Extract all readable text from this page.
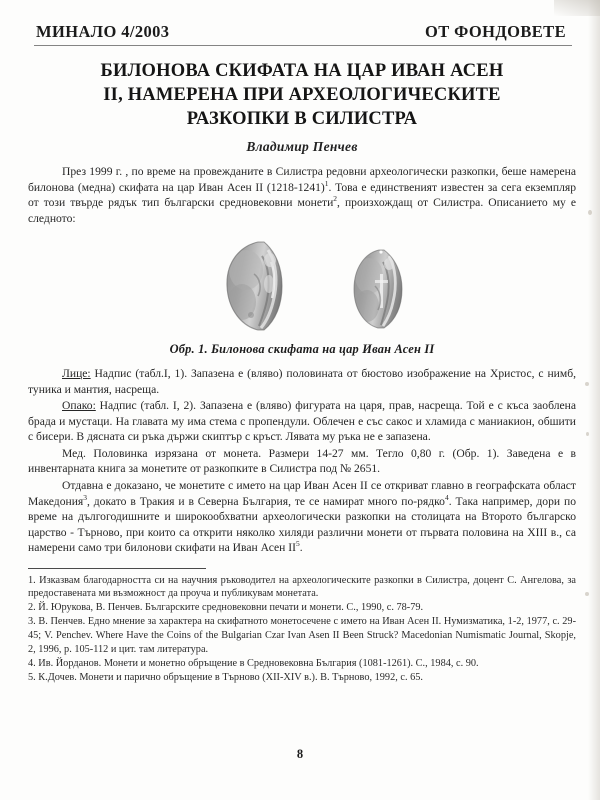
МИНАЛО 4/2003	ОТ ФОНДОВЕТЕ
БИЛОНОВА СКИФАТА НА ЦАР ИВАН АСЕН
II, НАМЕРЕНА ПРИ АРХЕОЛОГИЧЕСКИТЕ
РАЗКОПКИ В СИЛИСТРА
Владимир Пенчев

През 1999 г. , по време на провежданите в Силистра редовни археологически разкопки, беше намерена билонова (медна) скифата на цар Иван Асен II (1218-1241)$^1$. Това е единственият известен за сега екземпляр от този твърде рядък тип български средновековни монети$^2$, произхождащ от Силистра. Описанието му е следното:

Обр. 1. Билонова скифата на цар Иван Асен II

Лице: Надпис (табл.I, 1). Запазена е (вляво) половината от бюстово изображение на Христос, с нимб, туника и мантия, насреща.

Опако: Надпис (табл. I, 2). Запазена е (вляво) фигурата на царя, прав, насреща. Той е с къса заоблена брада и мустаци. На главата му има стема с пропендули. Облечен е със сакос и хламида с маниакион, обшити с бисери. В дясната си ръка държи скиптър с кръст. Лявата му ръка не е запазена.

Мед. Половинка изрязана от монета. Размери 14-27 мм. Тегло 0,80 г. (Обр. 1). Заведена е в инвентарната книга за монетите от разкопките в Силистра под № 2651.

Отдавна е доказано, че монетите с името на цар Иван Асен II се откриват главно в географската област Македония$^3$, докато в Тракия и в Северна България, те се намират много по-рядко$^4$. Така например, дори по време на дългогодишните и широкообхватни археологически разкопки на столицата на Второто българско царство - Търново, при които са открити няколко хиляди различни монети от първата половина на XIII в., са намерени само три билонови скифати на Иван Асен $II^5$.

1. Изказвам благодарността си на научния ръководител на археологическите разкопки в Силистра, доцент С. Ангелова, за предоставената ми възможност да проуча и публикувам монетата.
2. Й. Юрукова, В. Пенчев. Българските средновековни печати и монети. С., 1990, с. 78-79.
3. В. Пенчев. Едно мнение за характера на скифатното монетосечене с името на Иван Асен II. Нумизматика, 1-2, 1977, с. 29-45; V. Penchev. Where Have the Coins of the Bulgarian Czar Ivan Asen II Been Struck? Macedonian Numismatic Journal, Skopje, 2, 1996, p. 105-112 и цит. там литература.
4. Ив. Йорданов. Монети и монетно обръщение в Средновековна България (1081-1261). С., 1984, с. 90.
5. К.Дочев. Монети и парично обръщение в Търново (XII-XIV в.). В. Търново, 1992, с. 65.
8
